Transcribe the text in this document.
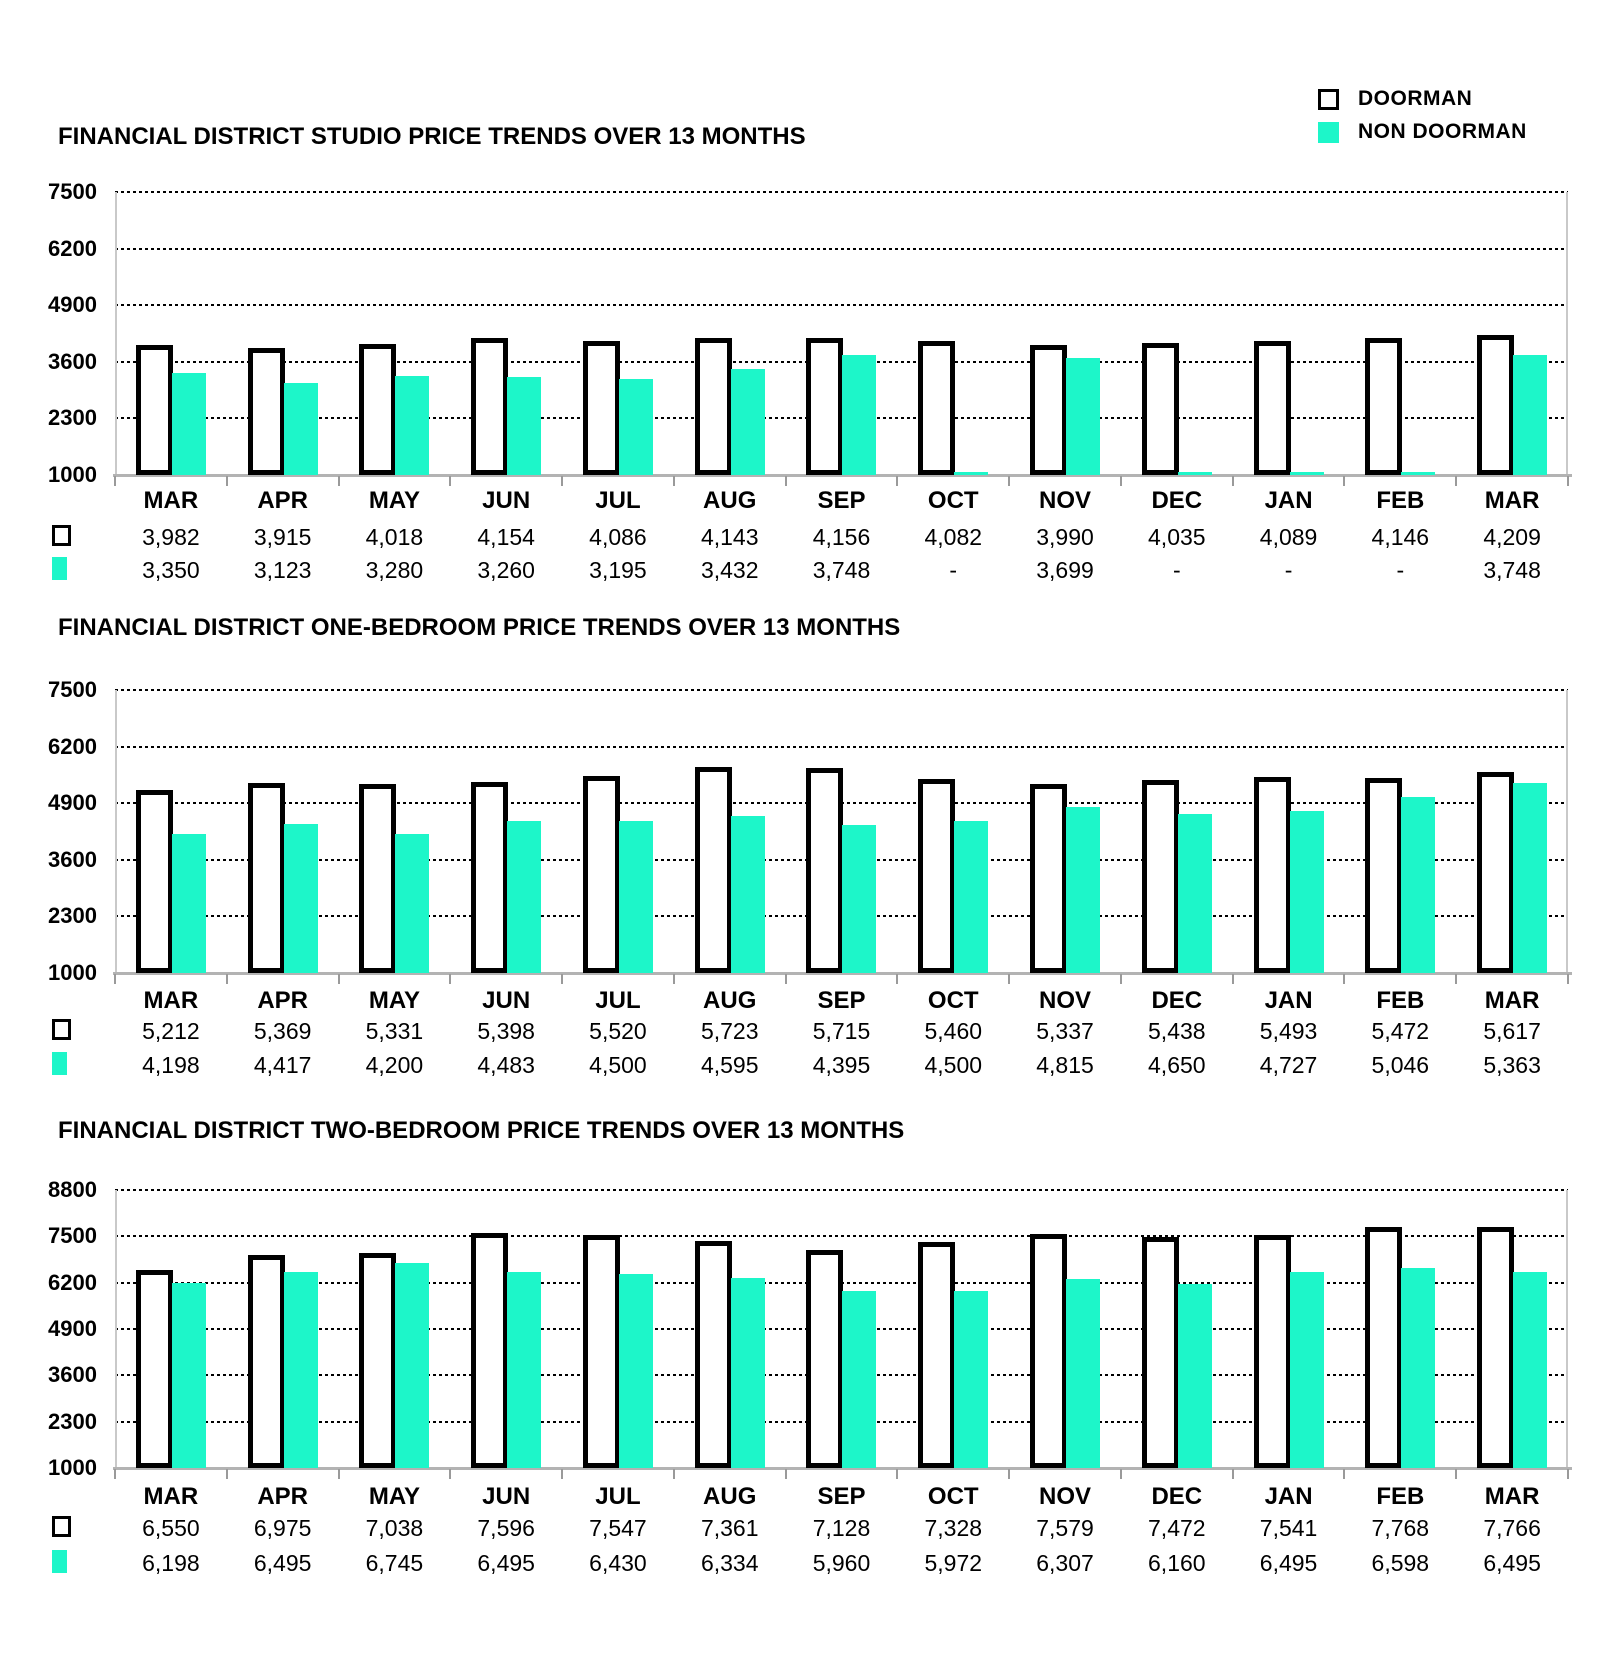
DOORMAN
NON DOORMAN
FINANCIAL DISTRICT STUDIO PRICE TRENDS OVER 13 MONTHS
7500
6200
4900
3600
2300
1000
MAR	APR	MAY	JUN	JUL	AUG	SEP	OCT	NOV	DEC	JAN	FEB	MAR
3,982	3,915	4,018	4,154	4,086	4,143	4,156	4,082	3,990	4,035	4,089	4,146	4,209
3,350	3,123	3,280	3,260	3,195	3,432	3,748	-	3,699	-	-	-	3,748
FINANCIAL DISTRICT ONE-BEDROOM PRICE TRENDS OVER 13 MONTHS
7500
6200
4900
3600
2300
1000
MAR	APR	MAY	JUN	JUL	AUG	SEP	OCT	NOV	DEC	JAN	FEB	MAR
5,212	5,369	5,331	5,398	5,520	5,723	5,715	5,460	5,337	5,438	5,493	5,472	5,617
4,198	4,417	4,200	4,483	4,500	4,595	4,395	4,500	4,815	4,650	4,727	5,046	5,363
FINANCIAL DISTRICT TWO-BEDROOM PRICE TRENDS OVER 13 MONTHS
8800
7500
6200
4900
3600
2300
1000
MAR	APR	MAY	JUN	JUL	AUG	SEP	OCT	NOV	DEC	JAN	FEB	MAR
6,550	6,975	7,038	7,596	7,547	7,361	7,128	7,328	7,579	7,472	7,541	7,768	7,766
6,198	6,495	6,745	6,495	6,430	6,334	5,960	5,972	6,307	6,160	6,495	6,598	6,495
